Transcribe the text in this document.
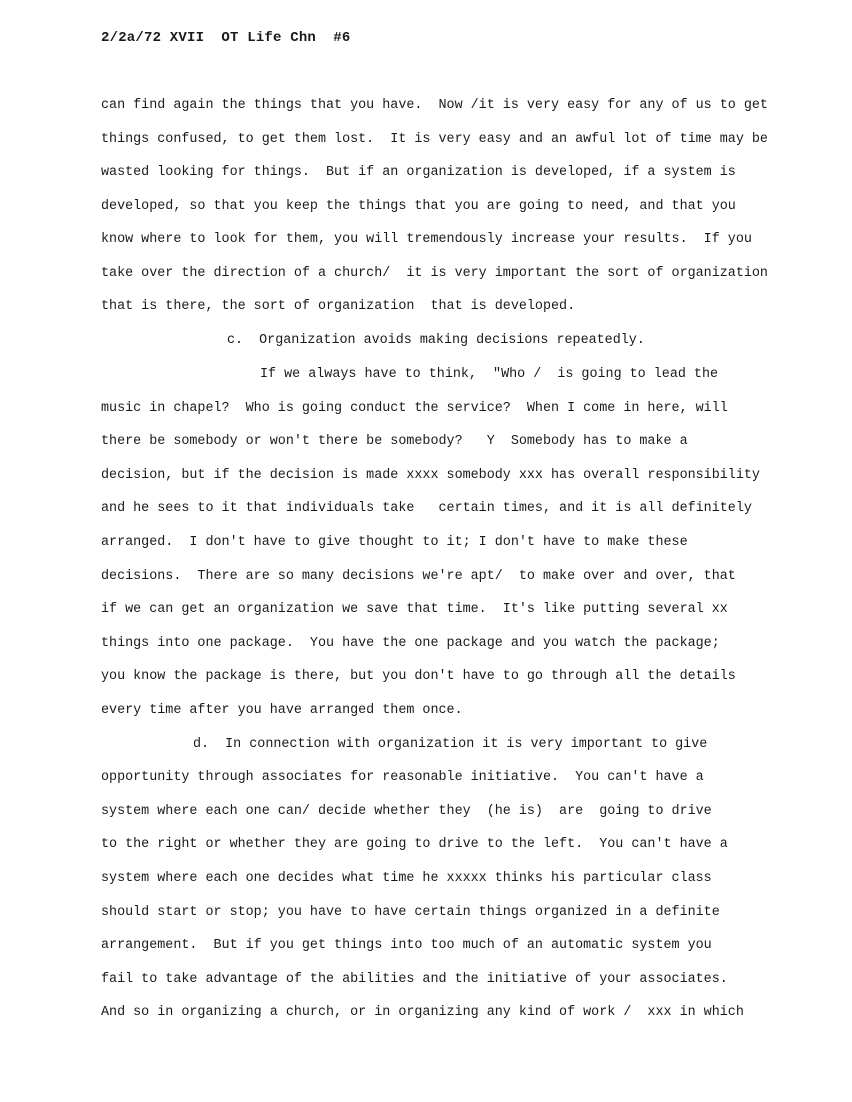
2/2a/72 XVII  OT Life Chn  #6
can find again the things that you have.  Now /it is very easy for any of us to get
things confused, to get them lost.  It is very easy and an awful lot of time may be
wasted looking for things.  But if an organization is developed, if a system is
developed, so that you keep the things that you are going to need, and that you
know where to look for them, you will tremendously increase your results.  If you
take over the direction of a church/  it is very important the sort of organization
that is there, the sort of organization  that is developed.
c.  Organization avoids making decisions repeatedly.
If we always have to think,  "Who /  is going to lead the
music in chapel?  Who is going conduct the service?  When I come in here, will
there be somebody or won't there be somebody?   Y  Somebody has to make a
decision, but if the decision is made xxxx somebody xxx has overall responsibility
and he sees to it that individuals take   certain times, and it is all definitely
arranged.  I don't have to give thought to it; I don't have to make these
decisions.  There are so many decisions we're apt/  to make over and over, that
if we can get an organization we save that time.  It's like putting several xx
things into one package.  You have the one package and you watch the package;
you know the package is there, but you don't have to go through all the details
every time after you have arranged them once.
d.  In connection with organization it is very important to give
opportunity through associates for reasonable initiative.  You can't have a
system where each one can/ decide whether they  (he is)  are  going to drive
to the right or whether they are going to drive to the left.  You can't have a
system where each one decides what time he xxxxx thinks his particular class
should start or stop; you have to have certain things organized in a definite
arrangement.  But if you get things into too much of an automatic system you
fail to take advantage of the abilities and the initiative of your associates.
And so in organizing a church, or in organizing any kind of work /  xxx in which
